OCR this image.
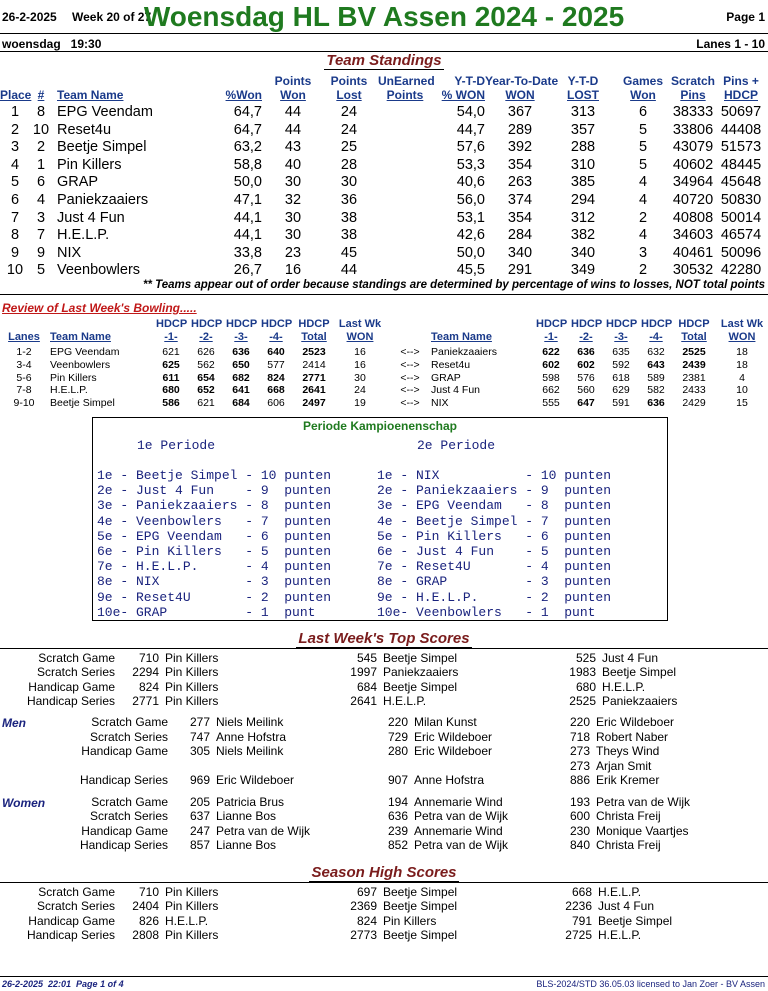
26-2-2025 Week 20 of 27
Woensdag HL BV Assen 2024 - 2025	Page 1
woensdag   19:30	Lanes 1 - 10
Team Standings
Place #	Team Name	%Won
Points
Won
Points
Lost
UnEarned
Points
Y-T-D
% WON
Year-To-Date
WON
Y-T-D
LOST
Games
Won
Scratch
Pins
Pins +
HDCP
1	8 EPG Veendam	64,7	44	24	54,0	367	313	6	38333 50697
2 10 Reset4u	64,7	44	24	44,7	289	357	5	33806 44408
3	2 Beetje Simpel	63,2	43	25	57,6	392	288	5	43079 51573
4	1 Pin Killers	58,8	40	28	53,3	354	310	5	40602 48445
5	6 GRAP	50,0	30	30	40,6	263	385	4	34964 45648
6	4 Paniekzaaiers	47,1	32	36	56,0	374	294	4	40720 50830
7	3 Just 4 Fun	44,1	30	38	53,1	354	312	2	40808 50014
8	7 H.E.L.P.	44,1	30	38	42,6	284	382	4	34603 46574
9	9 NIX	33,8	23	45	50,0	340	340	3	40461 50096
10 5 Veenbowlers	26,7	16	44	45,5	291	349	2	30532 42280
** Teams appear out of order because standings are determined by percentage of wins to losses, NOT total points
Review of Last Week's Bowling.....
Lanes Team Name
HDCP
-1-
HDCP
-2-
HDCP
-3-
HDCP
-4-
HDCP
Total
Last Wk
WON	Team Name
HDCP
-1-
HDCP
-2-
HDCP
-3-
HDCP
-4-
HDCP
Total
Last Wk
WON
1-2	EPG Veendam	621	626	636	640	2523	16	<-->	Paniekzaaiers	622	636	635	632	2525	18
3-4	Veenbowlers	625	562	650	577	2414	16	<-->	Reset4u	602	602	592	643	2439	18
5-6	Pin Killers	611	654	682	824	2771	30	<-->	GRAP	598	576	618	589	2381	4
7-8	H.E.L.P.	680	652	641	668	2641	24	<-->	Just 4 Fun	662	560	629	582	2433	10
9-10	Beetje Simpel	586	621	684	606	2497	19	<-->	NIX	555	647	591	636	2429	15
Periode Kampioenenschap
1e Periode	2e Periode
1e - Beetje Simpel - 10 punten
2e - Just 4 Fun    - 9  punten
3e - Paniekzaaiers - 8  punten
4e - Veenbowlers   - 7  punten
5e - EPG Veendam   - 6  punten
6e - Pin Killers   - 5  punten
7e - H.E.L.P.      - 4  punten
8e - NIX           - 3  punten
9e - Reset4U       - 2  punten
10e- GRAP          - 1  punt
1e - NIX           - 10 punten
2e - Paniekzaaiers - 9  punten
3e - EPG Veendam   - 8  punten
4e - Beetje Simpel - 7  punten
5e - Pin Killers   - 6  punten
6e - Just 4 Fun    - 5  punten
7e - Reset4U       - 4  punten
8e - GRAP          - 3  punten
9e - H.E.L.P.      - 2  punten
10e- Veenbowlers   - 1  punt
Last Week's Top Scores
Scratch Game	710 Pin Killers	545 Beetje Simpel	525 Just 4 Fun
Scratch Series	2294 Pin Killers	1997 Paniekzaaiers	1983 Beetje Simpel
Handicap Game	824 Pin Killers	684 Beetje Simpel	680 H.E.L.P.
Handicap Series	2771 Pin Killers	2641 H.E.L.P.	2525 Paniekzaaiers
Scratch Game	277 Niels Meilink	220 Milan Kunst	220 Eric Wildeboer
Scratch Series	747 Anne Hofstra	729 Eric Wildeboer	718 Robert Naber
Handicap Game	305 Niels Meilink	280 Eric Wildeboer	273 Theys Wind
273 Arjan Smit
Handicap Series	969 Eric Wildeboer	907 Anne Hofstra	886 Erik Kremer
Scratch Game	205 Patricia Brus	194 Annemarie Wind	193 Petra van de Wijk
Scratch Series	637 Lianne Bos	636 Petra van de Wijk	600 Christa Freij
Handicap Game	247 Petra van de Wijk	239 Annemarie Wind	230 Monique Vaartjes
Handicap Series	857 Lianne Bos	852 Petra van de Wijk	840 Christa Freij
Men
Women
Season High Scores
Scratch Game	710 Pin Killers	697 Beetje Simpel	668 H.E.L.P.
Scratch Series	2404 Pin Killers	2369 Beetje Simpel	2236 Just 4 Fun
Handicap Game	826 H.E.L.P.	824 Pin Killers	791 Beetje Simpel
Handicap Series	2808 Pin Killers	2773 Beetje Simpel	2725 H.E.L.P.
26-2-2025  22:01  Page 1 of 4	BLS-2024/STD 36.05.03 licensed to Jan Zoer - BV Assen
